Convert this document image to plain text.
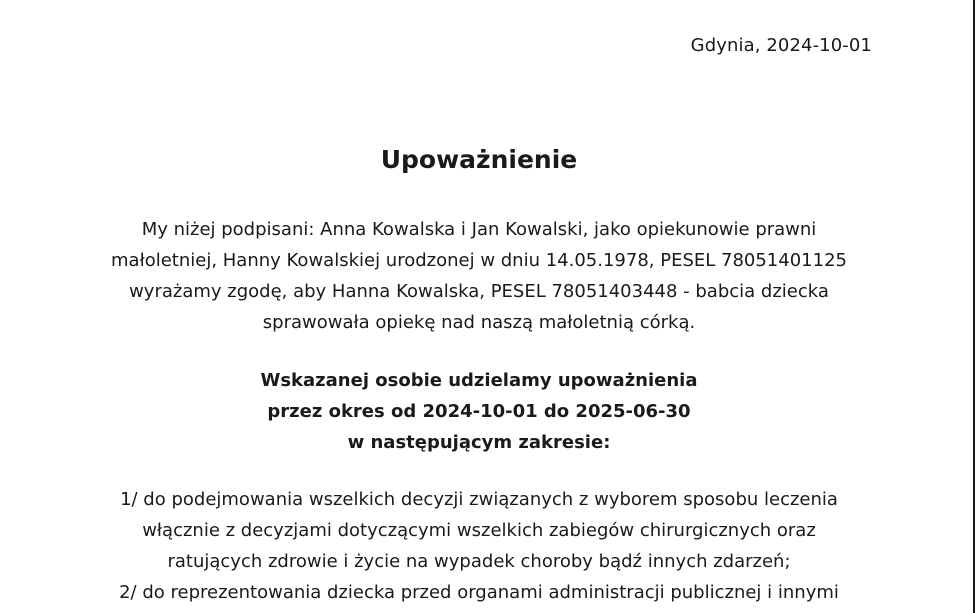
Gdynia, 2024-10-01
Upoważnienie
My niżej podpisani: Anna Kowalska i Jan Kowalski, jako opiekunowie prawni
małoletniej, Hanny Kowalskiej urodzonej w dniu 14.05.1978, PESEL 78051401125
wyrażamy zgodę, aby Hanna Kowalska, PESEL 78051403448 - babcia dziecka
sprawowała opiekę nad naszą małoletnią córką.
Wskazanej osobie udzielamy upoważnienia
przez okres od 2024-10-01 do 2025-06-30
w następującym zakresie:
1/ do podejmowania wszelkich decyzji związanych z wyborem sposobu leczenia
włącznie z decyzjami dotyczącymi wszelkich zabiegów chirurgicznych oraz
ratujących zdrowie i życie na wypadek choroby bądź innych zdarzeń;
2/ do reprezentowania dziecka przed organami administracji publicznej i innymi
